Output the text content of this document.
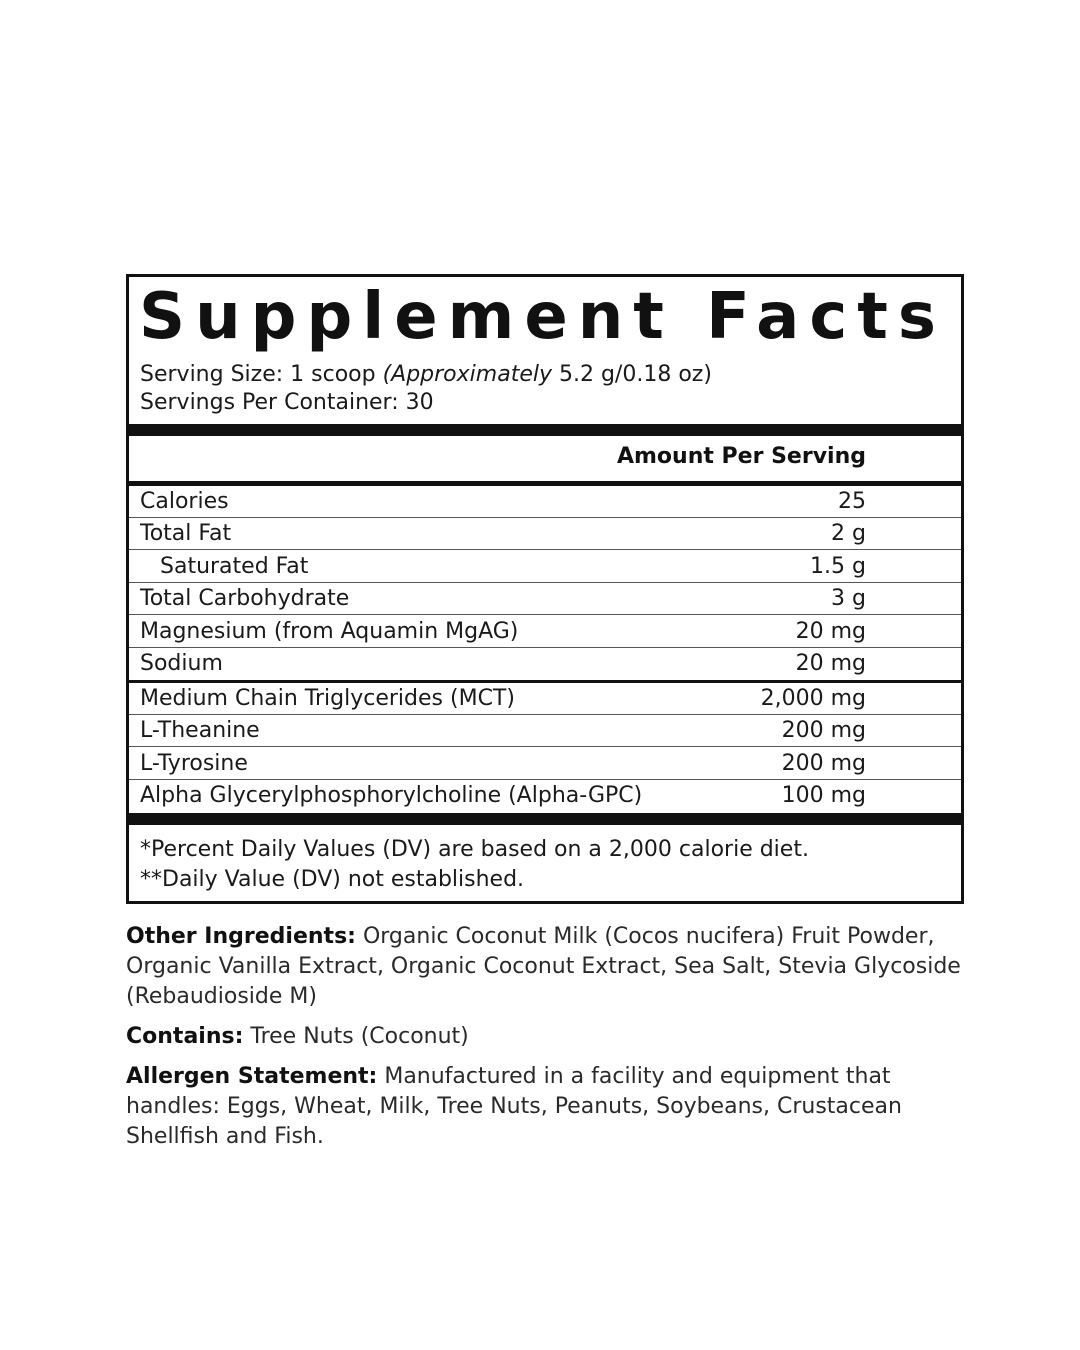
Supplement Facts
Serving Size: 1 scoop (Approximately 5.2 g/0.18 oz)
Servings Per Container: 30
Amount Per Serving
Calories	25
Total Fat	2 g
Saturated Fat	1.5 g
Total Carbohydrate	3 g
Magnesium (from Aquamin MgAG)	20 mg
Sodium	20 mg
Medium Chain Triglycerides (MCT)	2,000 mg
L-Theanine	200 mg
L-Tyrosine	200 mg
Alpha Glycerylphosphorylcholine (Alpha-GPC)	100 mg
*Percent Daily Values (DV) are based on a 2,000 calorie diet.
**Daily Value (DV) not established.
Other Ingredients: Organic Coconut Milk (Cocos nucifera) Fruit Powder, Organic Vanilla Extract, Organic Coconut Extract, Sea Salt, Stevia Glycoside (Rebaudioside M)
Contains: Tree Nuts (Coconut)
Allergen Statement: Manufactured in a facility and equipment that handles: Eggs, Wheat, Milk, Tree Nuts, Peanuts, Soybeans, Crustacean Shellfish and Fish.
